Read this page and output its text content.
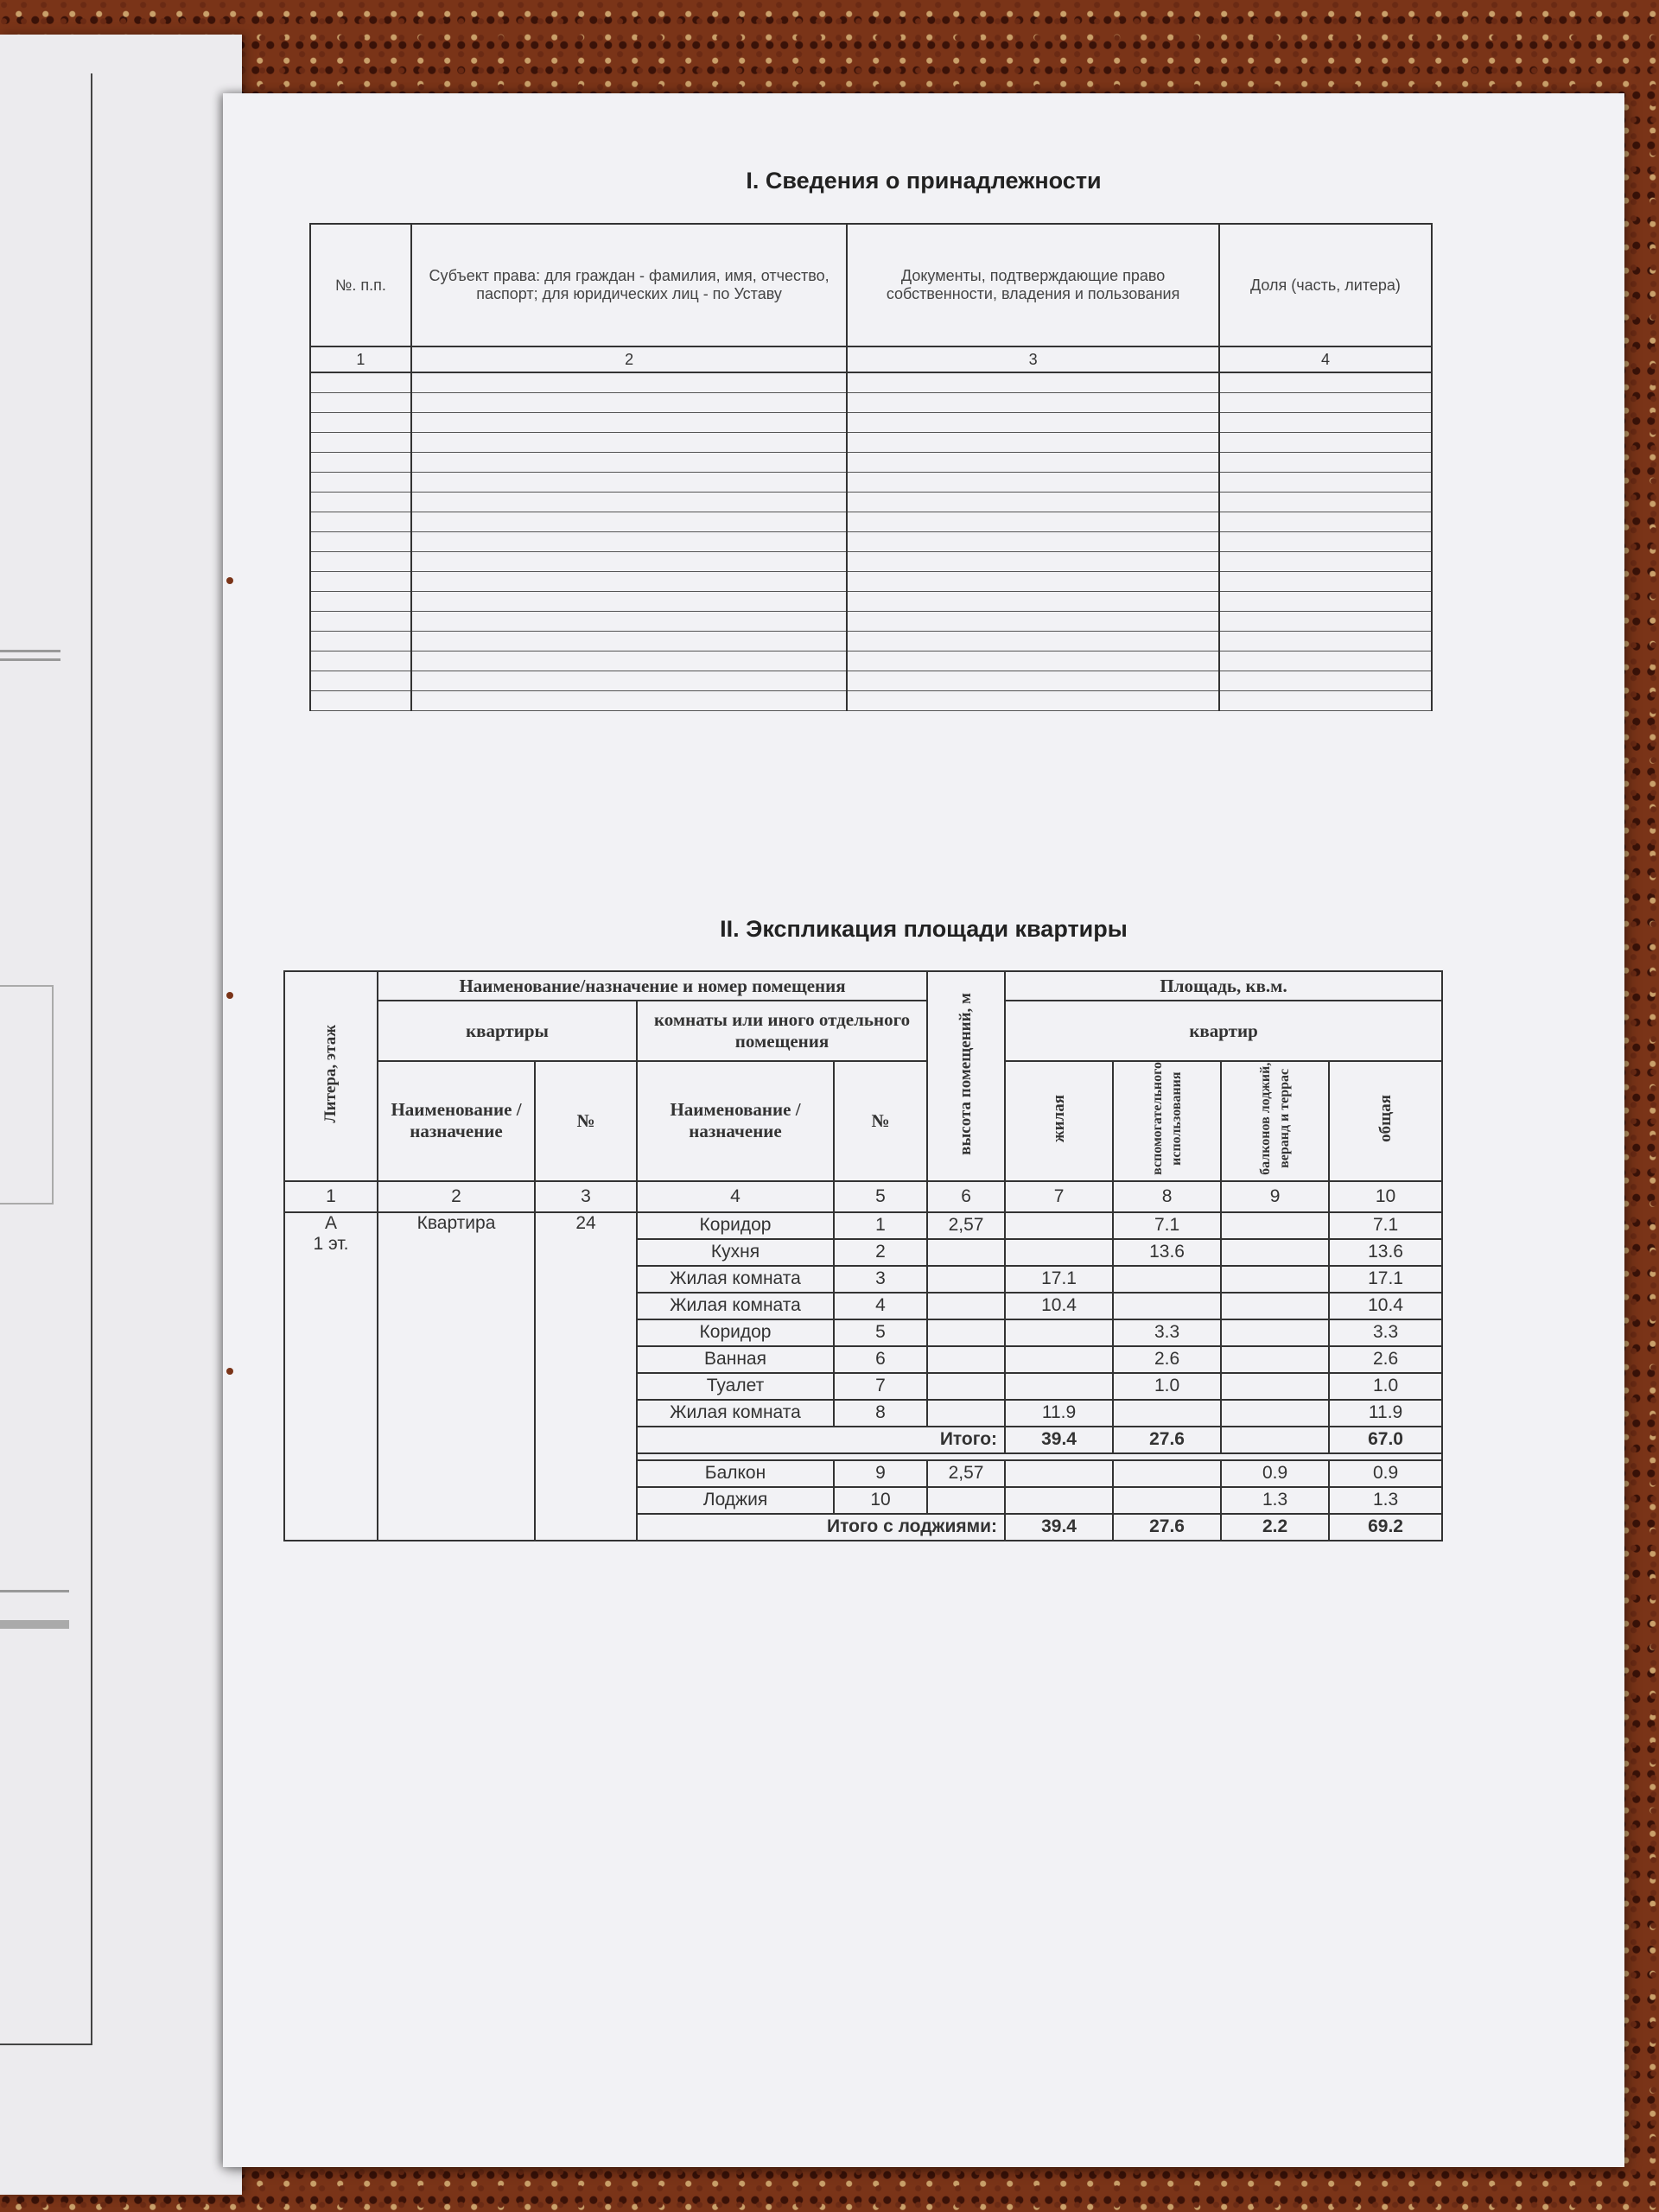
I. Сведения о принадлежности
№. п.п.	Субъект права: для граждан - фамилия, имя, отчество, паспорт; для юридических лиц - по Уставу	Документы, подтверждающие право собственности, владения и пользования	Доля (часть, литера)
1	2	3	4

II. Экспликация площади квартиры
Литера, этаж	Наименование/назначение и номер помещения				высота помещений, м	Площадь, кв.м.			
	квартиры		комнаты или иного отдельного помещения			квартир			
	Наименование / назначение	№	Наименование / назначение	№		жилая	вспомогательного использования	балконов лоджий, веранд и террас	общая
1	2	3	4	5	6	7	8	9	10

А
1 эт.	Квартира	24	Коридор	1	2,57		7.1		7.1
			Кухня	2			13.6		13.6
			Жилая комната	3		17.1			17.1
			Жилая комната	4		10.4			10.4
			Коридор	5			3.3		3.3
			Ванная	6			2.6		2.6
			Туалет	7			1.0		1.0
			Жилая комната	8		11.9			11.9
			Итого:			39.4	27.6		67.0

			Балкон	9	2,57			0.9	0.9
			Лоджия	10				1.3	1.3
			Итого с лоджиями:			39.4	27.6	2.2	69.2
